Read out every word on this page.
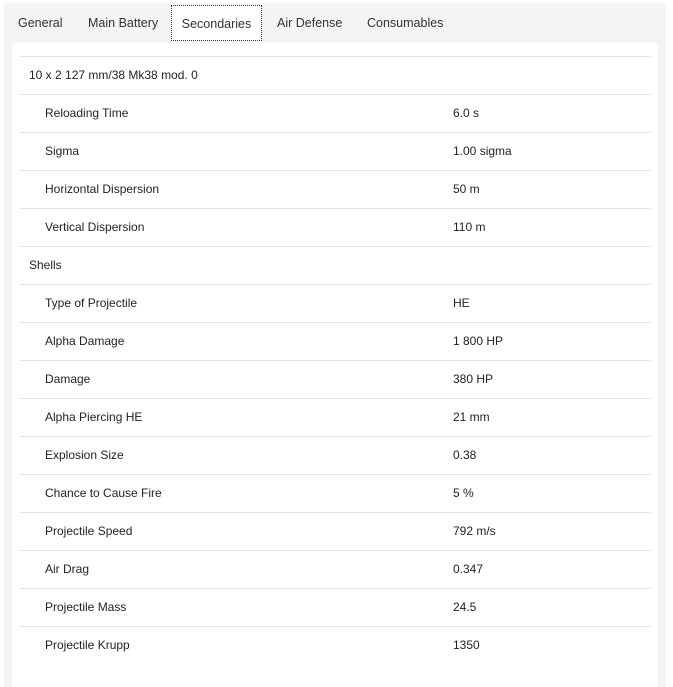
General Main Battery	Secondaries	Air Defense Consumables
10 x 2 127 mm/38 Mk38 mod. 0
Reloading Time	6.0 s
Sigma	1.00 sigma
Horizontal Dispersion	50 m
Vertical Dispersion	110 m
Shells
Type of Projectile	HE
Alpha Damage	1 800 HP
Damage	380 HP
Alpha Piercing HE	21 mm
Explosion Size	0.38
Chance to Cause Fire	5 %
Projectile Speed	792 m/s
Air Drag	0.347
Projectile Mass	24.5
Projectile Krupp	1350
